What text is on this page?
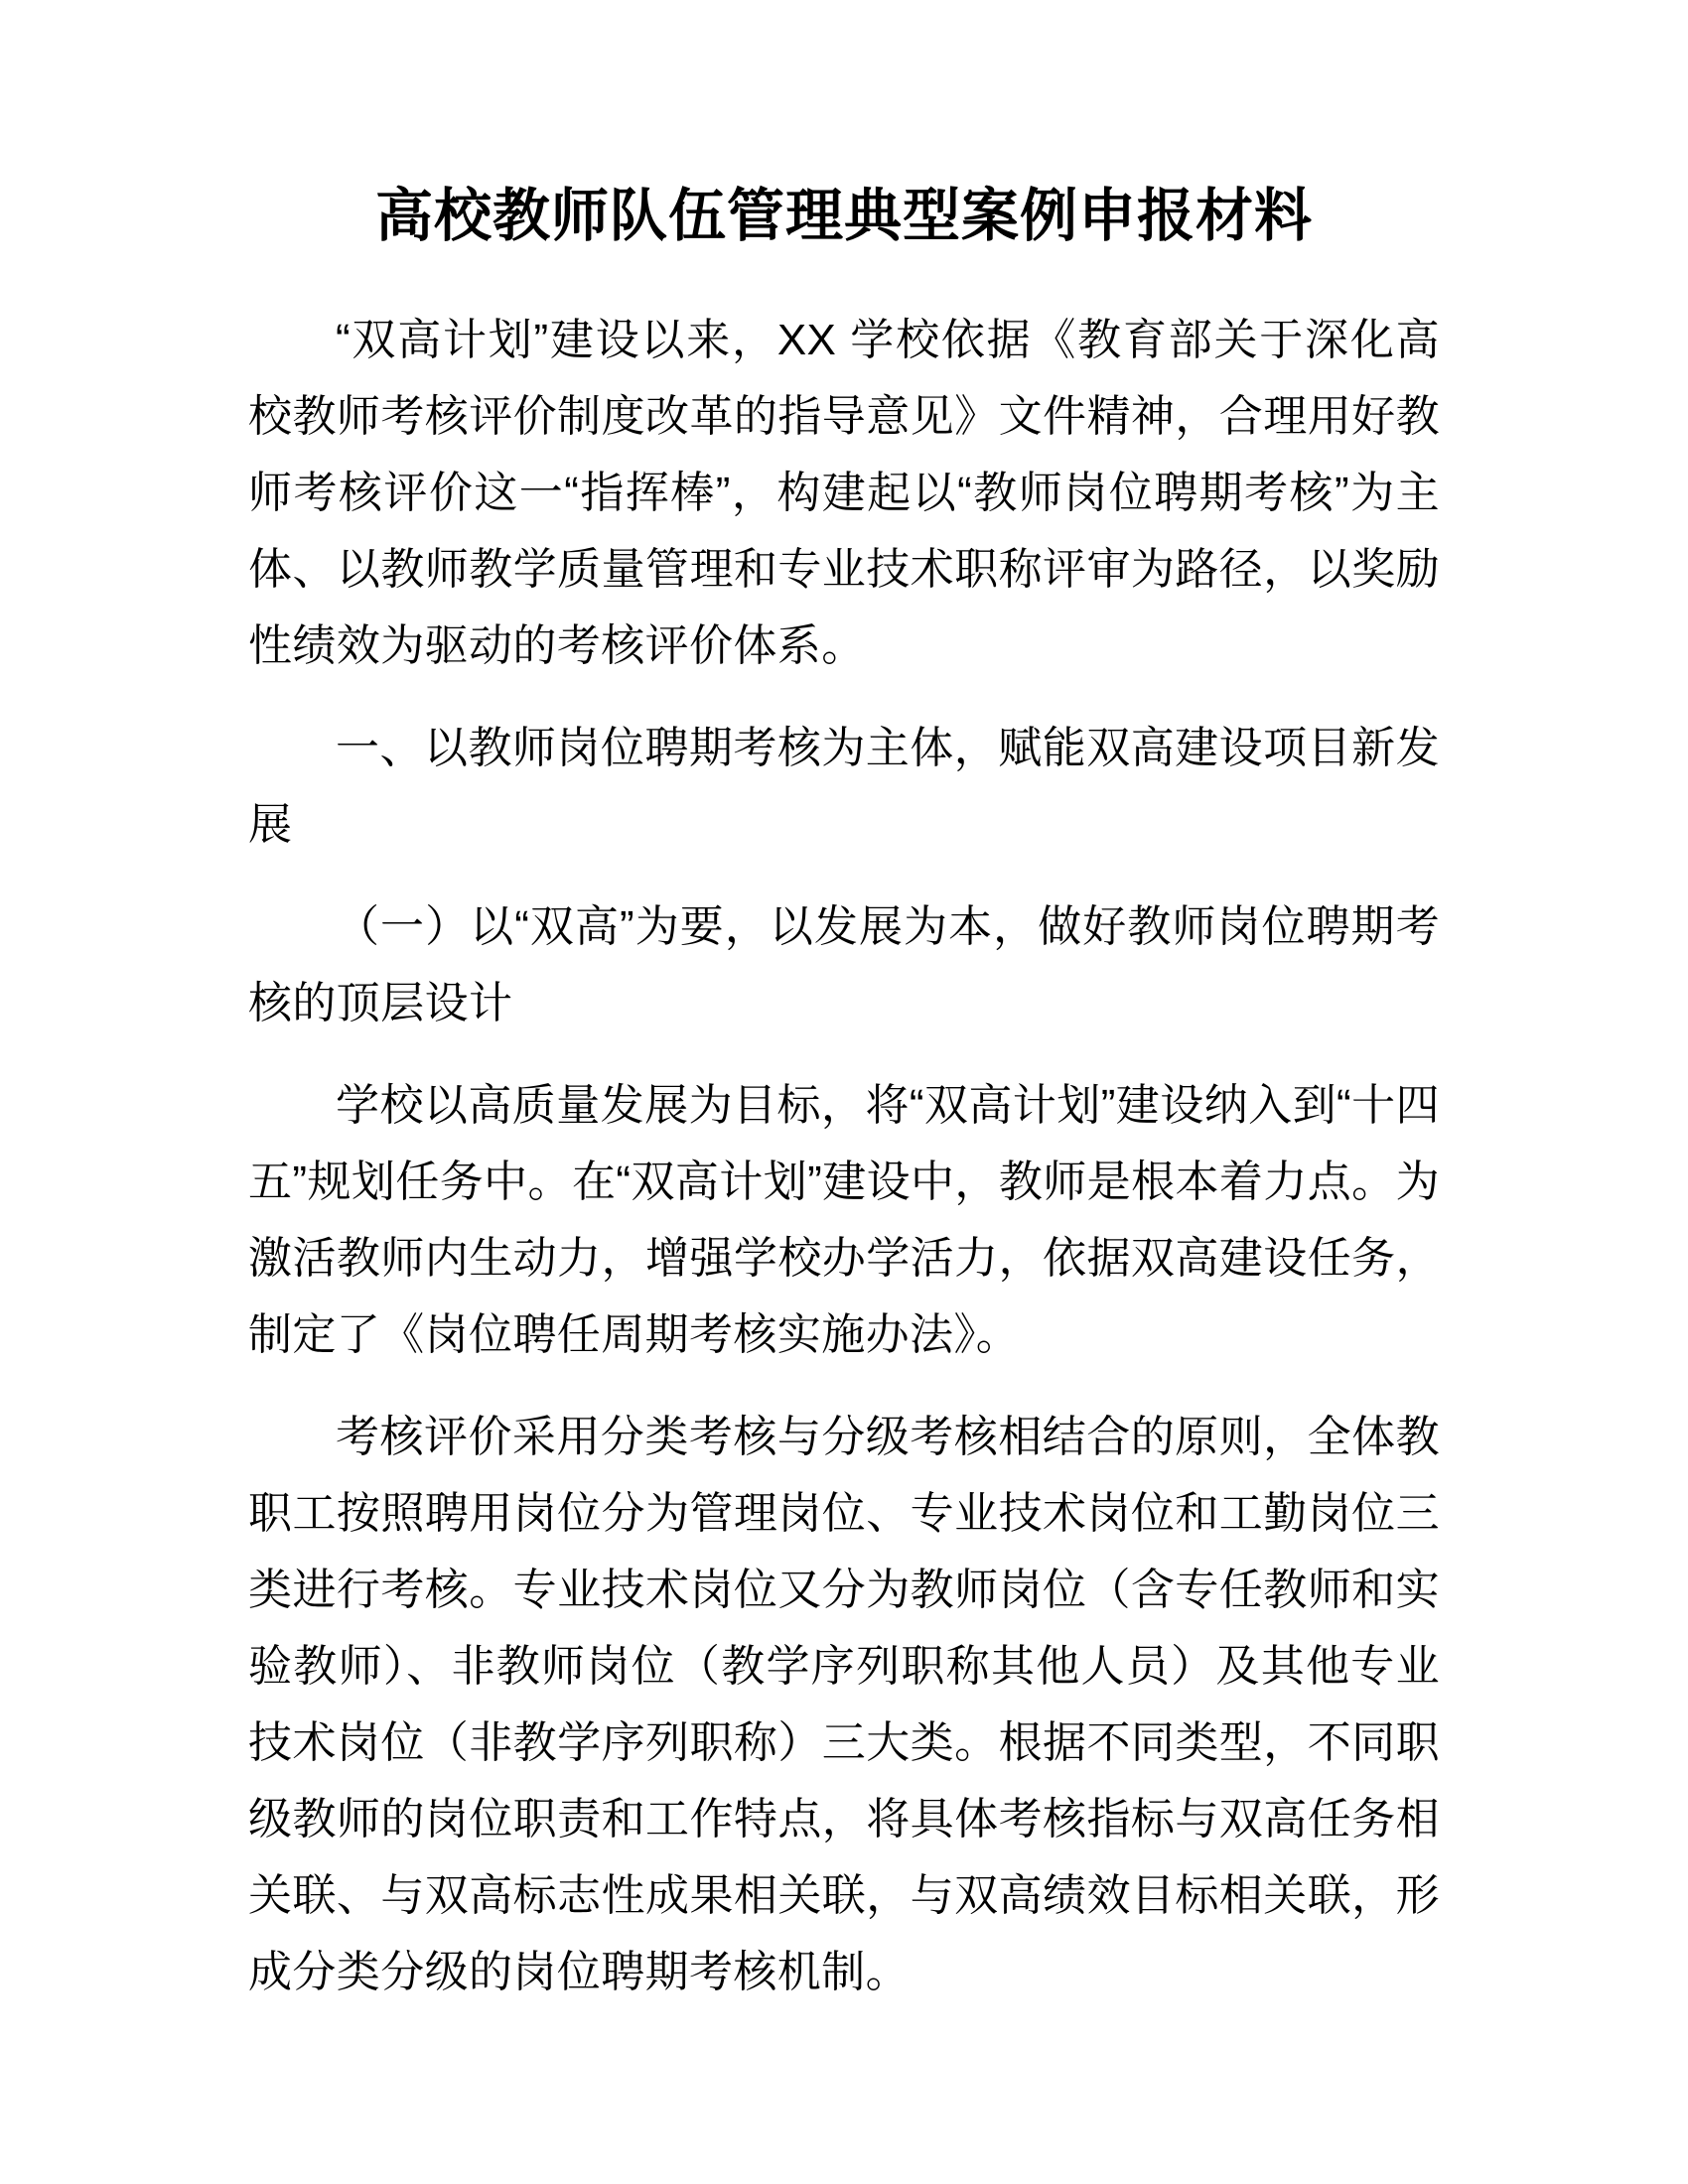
高校教师队伍管理典型案例申报材料

“双高计划”建设以来，XX 学校依据《教育部关于深化高校教师考核评价制度改革的指导意见》文件精神，合理用好教师考核评价这一“指挥棒”，构建起以“教师岗位聘期考核”为主体、以教师教学质量管理和专业技术职称评审为路径，以奖励性绩效为驱动的考核评价体系。

一、以教师岗位聘期考核为主体，赋能双高建设项目新发展

（一）以“双高”为要，以发展为本，做好教师岗位聘期考核的顶层设计

学校以高质量发展为目标，将“双高计划”建设纳入到“十四五”规划任务中。在“双高计划”建设中，教师是根本着力点。为激活教师内生动力，增强学校办学活力，依据双高建设任务，制定了《岗位聘任周期考核实施办法》。

考核评价采用分类考核与分级考核相结合的原则，全体教职工按照聘用岗位分为管理岗位、专业技术岗位和工勤岗位三类进行考核。专业技术岗位又分为教师岗位（含专任教师和实验教师）、非教师岗位（教学序列职称其他人员）及其他专业技术岗位（非教学序列职称）三大类。根据不同类型，不同职级教师的岗位职责和工作特点，将具体考核指标与双高任务相关联、与双高标志性成果相关联，与双高绩效目标相关联，形成分类分级的岗位聘期考核机制。
